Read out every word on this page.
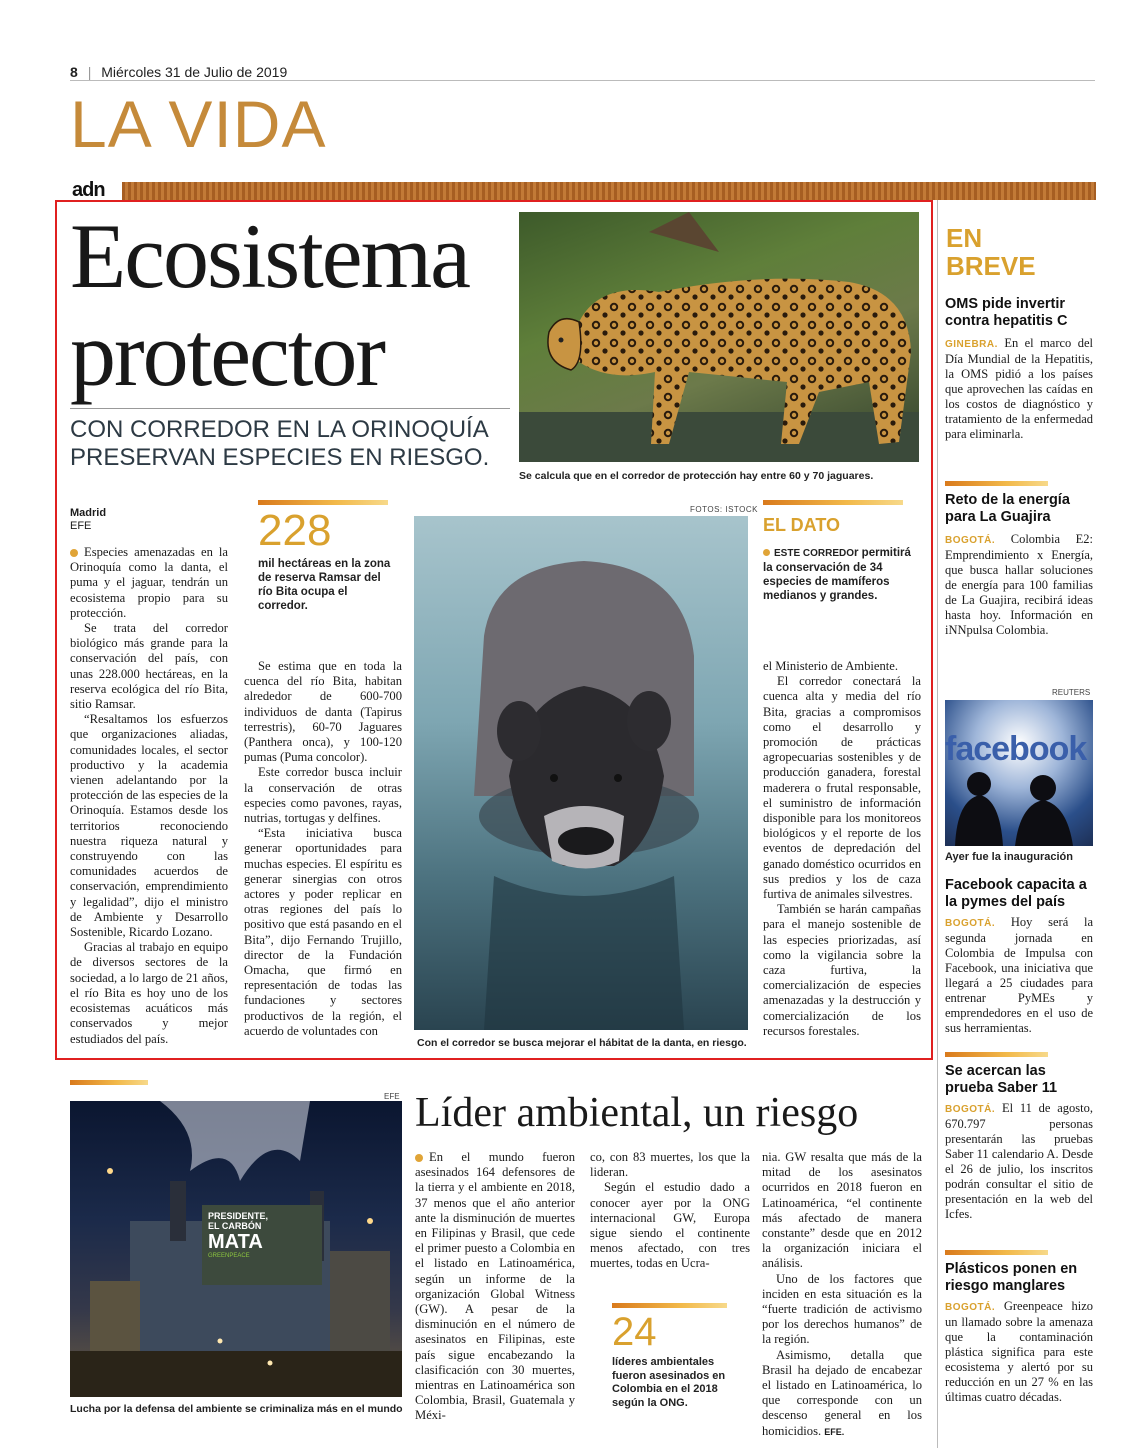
8 | Miércoles 31 de Julio de 2019
LA VIDA
adn
Ecosistema
protector
CON CORREDOR EN LA ORINOQUÍA
PRESERVAN ESPECIES EN RIESGO.
Se calcula que en el corredor de protección hay entre 60 y 70 jaguares.
Madrid
EFE

Especies amenazadas en la Orinoquía como la danta, el puma y el jaguar, tendrán un ecosistema propio para su protección.

Se trata del corredor biológico más grande para la conservación del país, con unas 228.000 hectáreas, en la reserva ecológica del río Bita, sitio Ramsar.

“Resaltamos los esfuerzos que organizaciones aliadas, comunidades locales, el sector productivo y la academia vienen adelantando por la protección de las especies de la Orinoquía. Estamos desde los territorios reconociendo nuestra riqueza natural y construyendo con las comunidades acuerdos de conservación, emprendimiento y legalidad”, dijo el ministro de Ambiente y Desarrollo Sostenible, Ricardo Lozano.

Gracias al trabajo en equipo de diversos sectores de la sociedad, a lo largo de 21 años, el río Bita es hoy uno de los ecosistemas acuáticos más conservados y mejor estudiados del país.

228
mil hectáreas en la zona de reserva Ramsar del río Bita ocupa el corredor.

Se estima que en toda la cuenca del río Bita, habitan alrededor de 600-700 individuos de danta (Tapirus terrestris), 60-70 Jaguares (Panthera onca), y 100-120 pumas (Puma concolor).

Este corredor busca incluir la conservación de otras especies como pavones, rayas, nutrias, tortugas y delfines.

“Esta iniciativa busca generar oportunidades para muchas especies. El espíritu es generar sinergias con otros actores y poder replicar en otras regiones del país lo positivo que está pasando en el Bita”, dijo Fernando Trujillo, director de la Fundación Omacha, que firmó en representación de todas las fundaciones y sectores productivos de la región, el acuerdo de voluntades con

FOTOS: ISTOCK
Con el corredor se busca mejorar el hábitat de la danta, en riesgo.
EL DATO
ESTE CORREDOr permitirá la conservación de 34 especies de mamíferos medianos y grandes.

el Ministerio de Ambiente.

El corredor conectará la cuenca alta y media del río Bita, gracias a compromisos como el desarrollo y promoción de prácticas agropecuarias sostenibles y de producción ganadera, forestal maderera o frutal responsable, el suministro de información disponible para los monitoreos biológicos y el reporte de los eventos de depredación del ganado doméstico ocurridos en sus predios y los de caza furtiva de animales silvestres.

También se harán campañas para el manejo sostenible de las especies priorizadas, así como la vigilancia sobre la caza furtiva, la comercialización de especies amenazadas y la destrucción y comercialización de los recursos forestales.

EN
BREVE
OMS pide invertir contra hepatitis C
GINEBRA. En el marco del Día Mundial de la Hepatitis, la OMS pidió a los países que aprovechen las caídas en los costos de diagnóstico y tratamiento de la enfermedad para eliminarla.
Reto de la energía para La Guajira
BOGOTÁ. Colombia E2: Emprendimiento x Energía, que busca hallar soluciones de energía para 100 familias de La Guajira, recibirá ideas hasta hoy. Información en iNNpulsa Colombia.
REUTERS
facebook
Ayer fue la inauguración
Facebook capacita a la pymes del país
BOGOTÁ. Hoy será la segunda jornada en Colombia de Impulsa con Facebook, una iniciativa que llegará a 25 ciudades para entrenar PyMEs y emprendedores en el uso de sus herramientas.
Se acercan las prueba Saber 11
BOGOTÁ. El 11 de agosto, 670.797 personas presentarán las pruebas Saber 11 calendario A. Desde el 26 de julio, los inscritos podrán consultar el sitio de presentación en la web del Icfes.
Plásticos ponen en riesgo manglares
BOGOTÁ. Greenpeace hizo un llamado sobre la amenaza que la contaminación plástica significa para este ecosistema y alertó por su reducción en un 27 % en las últimas cuatro décadas.
EFE
PRESIDENTE,
EL CARBÓN
MATA
GREENPEACE
Lucha por la defensa del ambiente se criminaliza más en el mundo
Líder ambiental, un riesgo

En el mundo fueron asesinados 164 defensores de la tierra y el ambiente en 2018, 37 menos que el año anterior ante la disminución de muertes en Filipinas y Brasil, que cede el primer puesto a Colombia en el listado en Latinoamérica, según un informe de la organización Global Witness (GW). A pesar de la disminución en el número de asesinatos en Filipinas, este país sigue encabezando la clasificación con 30 muertes, mientras en Latinoamérica son Colombia, Brasil, Guatemala y Méxi-

co, con 83 muertes, los que la lideran.

Según el estudio dado a conocer ayer por la ONG internacional GW, Europa sigue siendo el continente menos afectado, con tres muertes, todas en Ucra-

24
líderes ambientales fueron asesinados en Colombia en el 2018 según la ONG.

nia. GW resalta que más de la mitad de los asesinatos ocurridos en 2018 fueron en Latinoamérica, “el continente más afectado de manera constante” desde que en 2012 la organización iniciara el análisis.

Uno de los factores que inciden en esta situación es la “fuerte tradición de activismo por los derechos humanos” de la región.

Asimismo, detalla que Brasil ha dejado de encabezar el listado en Latinoamérica, lo que corresponde con un descenso general en los homicidios. EFE.
